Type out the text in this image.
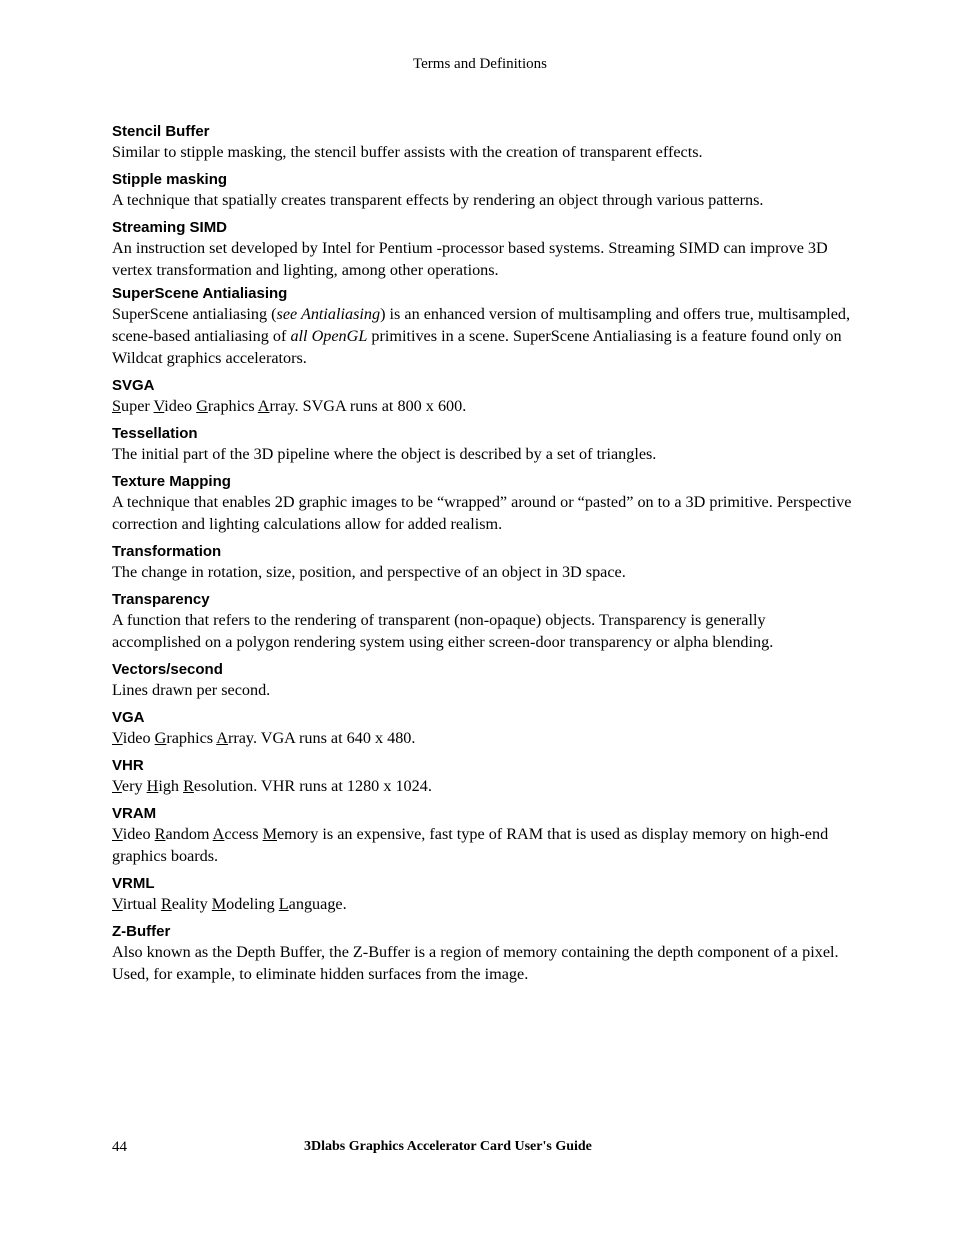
Terms and Definitions
Stencil Buffer
Similar to stipple masking, the stencil buffer assists with the creation of transparent effects.
Stipple masking
A technique that spatially creates transparent effects by rendering an object through various patterns.
Streaming SIMD
An instruction set developed by Intel for Pentium -processor based systems. Streaming SIMD can improve 3D vertex transformation and lighting, among other operations.
SuperScene Antialiasing
SuperScene antialiasing (see Antialiasing) is an enhanced version of multisampling and offers true, multisampled, scene-based antialiasing of all OpenGL primitives in a scene. SuperScene Antialiasing is a feature found only on Wildcat graphics accelerators.
SVGA
Super Video Graphics Array. SVGA runs at 800 x 600.
Tessellation
The initial part of the 3D pipeline where the object is described by a set of triangles.
Texture Mapping
A technique that enables 2D graphic images to be “wrapped” around or “pasted” on to a 3D primitive. Perspective correction and lighting calculations allow for added realism.
Transformation
The change in rotation, size, position, and perspective of an object in 3D space.
Transparency
A function that refers to the rendering of transparent (non-opaque) objects. Transparency is generally accomplished on a polygon rendering system using either screen-door transparency or alpha blending.
Vectors/second
Lines drawn per second.
VGA
Video Graphics Array. VGA runs at 640 x 480.
VHR
Very High Resolution. VHR runs at 1280 x 1024.
VRAM
Video Random Access Memory is an expensive, fast type of RAM that is used as display memory on high-end graphics boards.
VRML
Virtual Reality Modeling Language.
Z-Buffer
Also known as the Depth Buffer, the Z-Buffer is a region of memory containing the depth component of a pixel. Used, for example, to eliminate hidden surfaces from the image.
44	3Dlabs Graphics Accelerator Card User's Guide
